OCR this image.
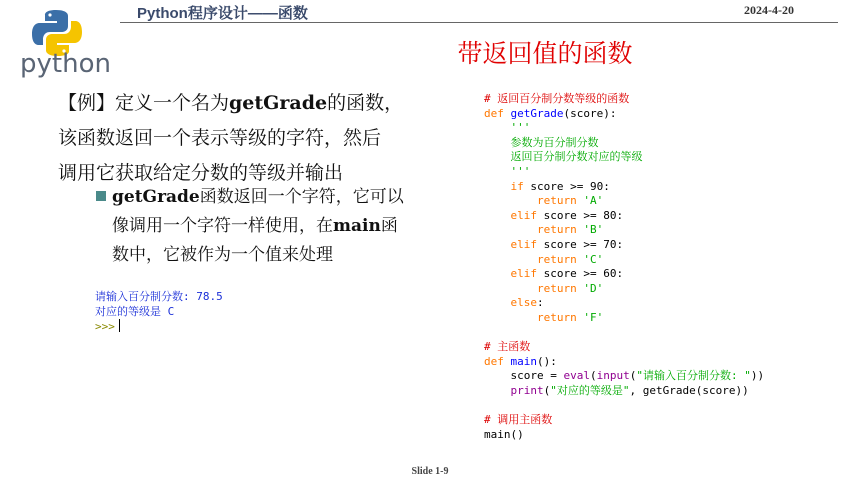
python
Python程序设计——函数	2024-4-20
带返回值的函数
【例】定义一个名为getGrade的函数，
该函数返回一个表示等级的字符，然后
调用它获取给定分数的等级并输出
getGrade函数返回一个字符，它可以
像调用一个字符一样使用，在main函
数中，它被作为一个值来处理
请输入百分制分数: 78.5
对应的等级是 C
>>>
# 返回百分制分数等级的函数
def getGrade(score):
'''
参数为百分制分数
返回百分制分数对应的等级
'''
if score >= 90:
return 'A'
elif score >= 80:
return 'B'
elif score >= 70:
return 'C'
elif score >= 60:
return 'D'
else:
return 'F'

# 主函数
def main():
score = eval(input("请输入百分制分数: "))
print("对应的等级是", getGrade(score))

# 调用主函数
main()
Slide 1-9
